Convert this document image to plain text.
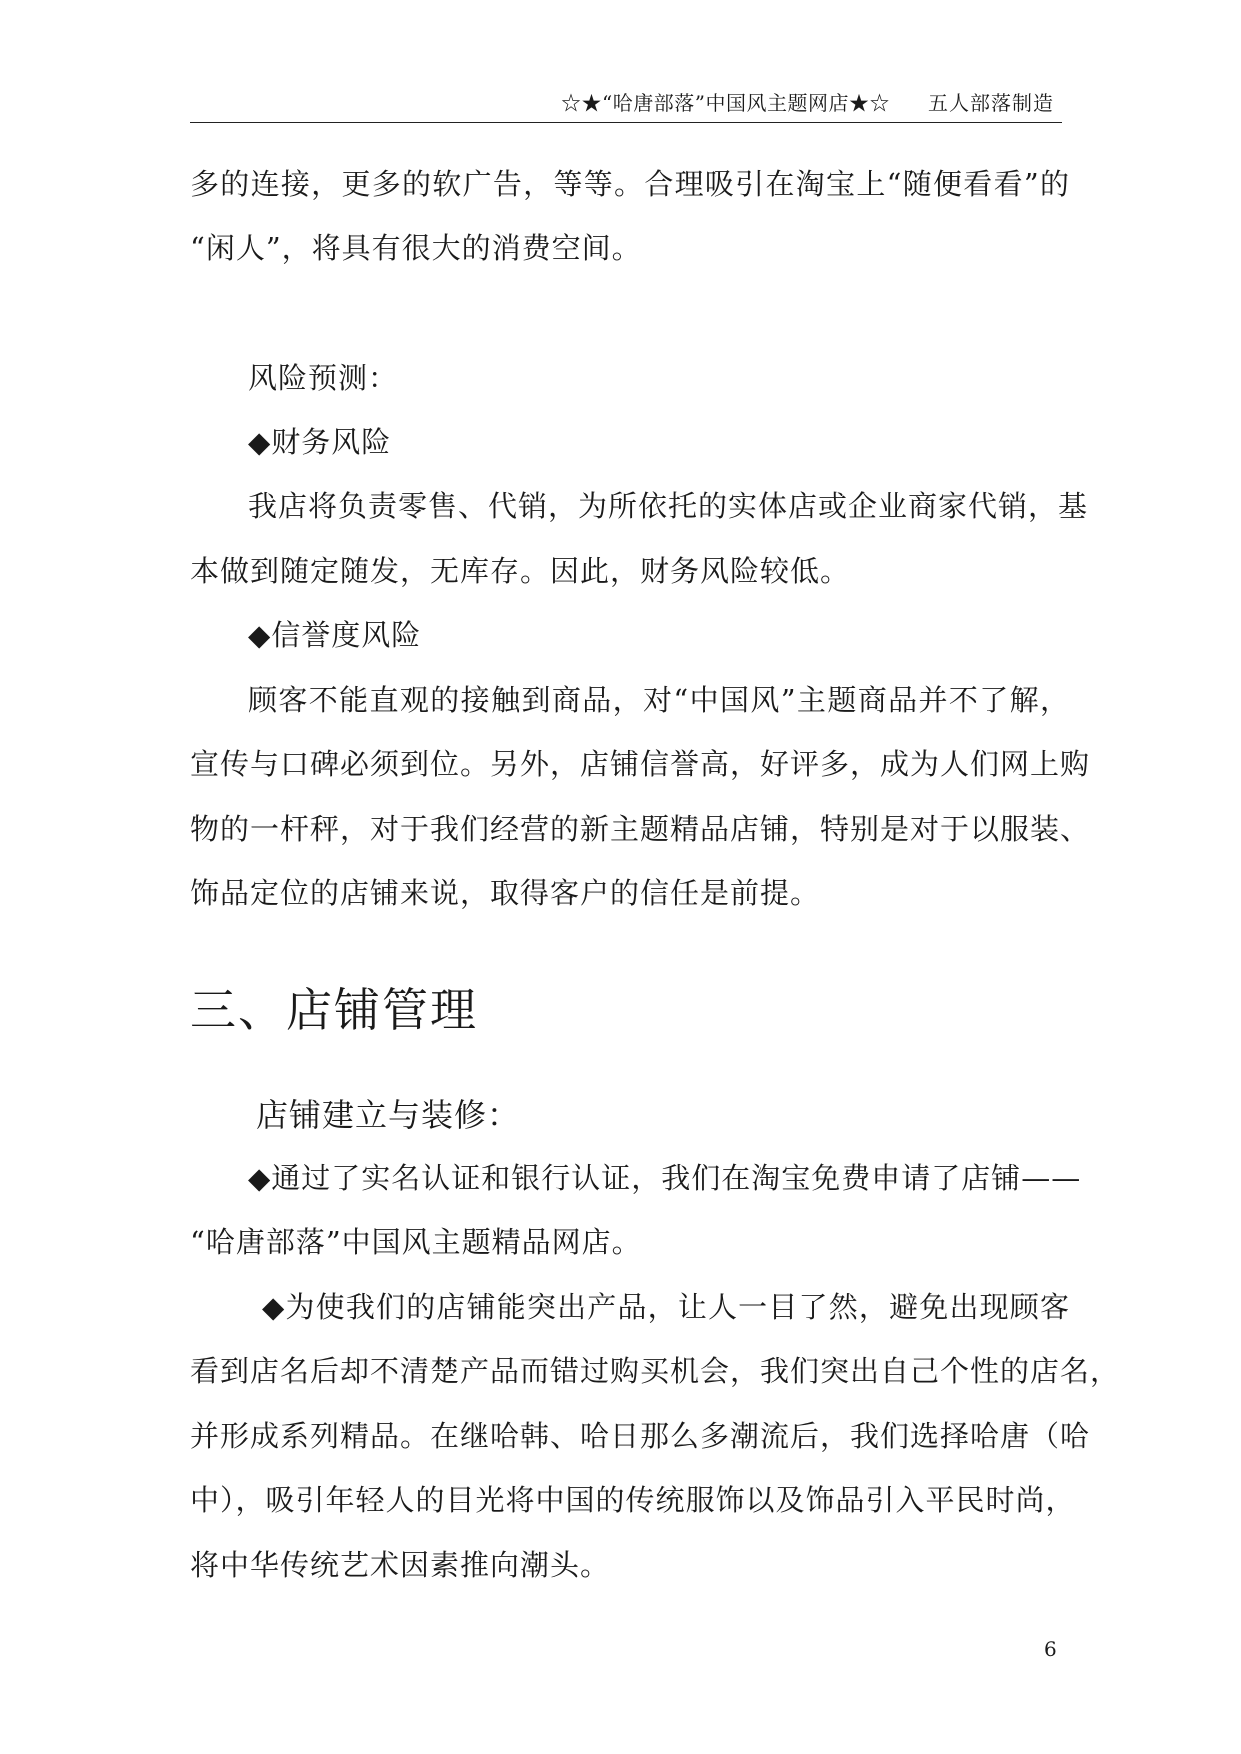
☆★“哈唐部落”中国风主题网店★☆ 五人部落制造
多的连接，更多的软广告，等等。合理吸引在淘宝上“随便看看”的
“闲人”，将具有很大的消费空间。
风险预测：
◆财务风险
我店将负责零售、代销，为所依托的实体店或企业商家代销，基
本做到随定随发，无库存。因此，财务风险较低。
◆信誉度风险
顾客不能直观的接触到商品，对“中国风”主题商品并不了解，
宣传与口碑必须到位。另外，店铺信誉高，好评多，成为人们网上购
物的一杆秤，对于我们经营的新主题精品店铺，特别是对于以服装、
饰品定位的店铺来说，取得客户的信任是前提。
三、店铺管理
店铺建立与装修：
◆通过了实名认证和银行认证，我们在淘宝免费申请了店铺——
“哈唐部落”中国风主题精品网店。
◆为使我们的店铺能突出产品，让人一目了然，避免出现顾客
看到店名后却不清楚产品而错过购买机会，我们突出自己个性的店名，
并形成系列精品。在继哈韩、哈日那么多潮流后，我们选择哈唐（哈
中），吸引年轻人的目光将中国的传统服饰以及饰品引入平民时尚，
将中华传统艺术因素推向潮头。
6
